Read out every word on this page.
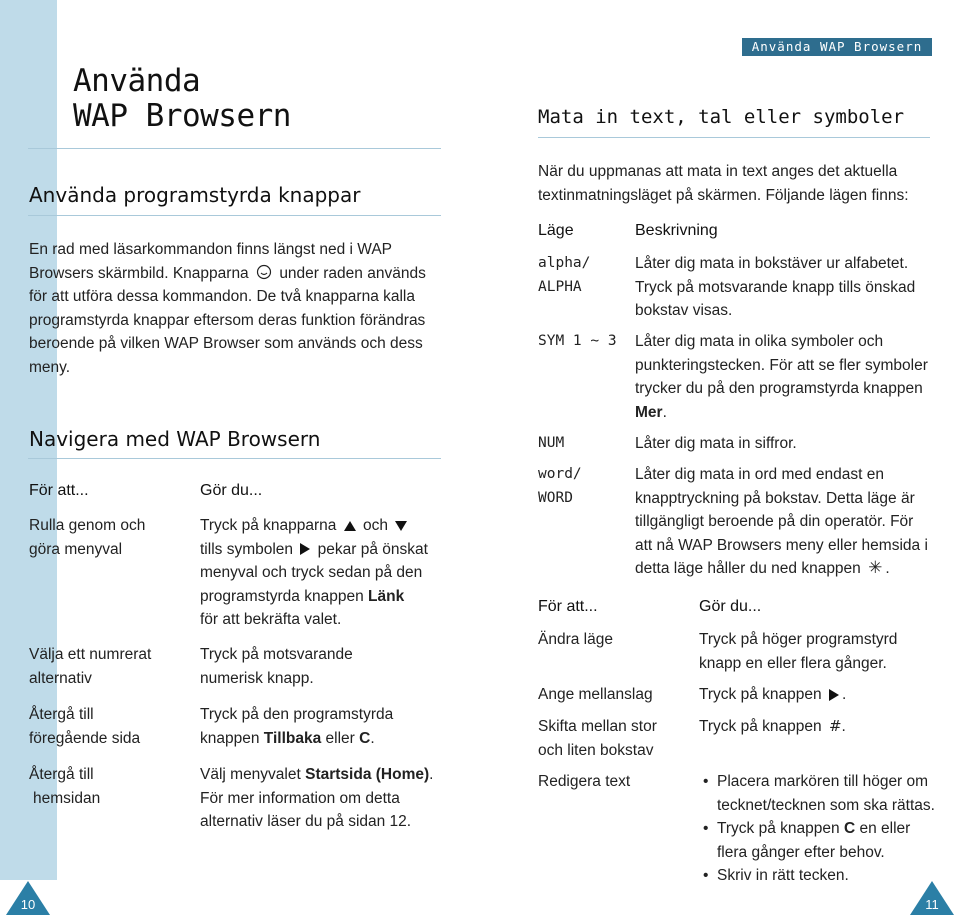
Använda WAP Browsern
Använda
WAP Browsern
Använda programstyrda knappar
En rad med läsarkommandon finns längst ned i WAP
Browsers skärmbild. Knapparna under raden används
för att utföra dessa kommandon. De två knapparna kalla
programstyrda knappar eftersom deras funktion förändras
beroende på vilken WAP Browser som används och dess
meny.
Navigera med WAP Browsern
För att...	Gör du...
Rulla genom och
göra menyval
Tryck på knapparna och
tills symbolen pekar på önskat
menyval och tryck sedan på den
programstyrda knappen Länk
för att bekräfta valet.
Välja ett numrerat
alternativ
Tryck på motsvarande
numerisk knapp.
Återgå till
föregående sida
Tryck på den programstyrda
knappen Tillbaka eller C.
Återgå till
hemsidan
Välj menyvalet Startsida (Home).
För mer information om detta
alternativ läser du på sidan 12.
10
Mata in text, tal eller symboler
När du uppmanas att mata in text anges det aktuella
textinmatningsläget på skärmen. Följande lägen finns:
Läge	Beskrivning
alpha/
ALPHA
Låter dig mata in bokstäver ur alfabetet.
Tryck på motsvarande knapp tills önskad
bokstav visas.
SYM 1 ~ 3 Låter dig mata in olika symboler och
punkteringstecken. För att se fler symboler
trycker du på den programstyrda knappen
Mer.
NUM	Låter dig mata in siffror.
word/
WORD
Låter dig mata in ord med endast en
knapptryckning på bokstav. Detta läge är
tillgängligt beroende på din operatör. För
att nå WAP Browsers meny eller hemsida i
detta läge håller du ned knappen ✳ .
För att...	Gör du...
Ändra läge	Tryck på höger programstyrd
knapp en eller flera gånger.
Ange mellanslag	Tryck på knappen .
Skifta mellan stor
och liten bokstav
Tryck på knappen #.
Redigera text
•	Placera markören till höger om
tecknet/tecknen som ska rättas.
• Tryck på knappen C en eller
flera gånger efter behov.
• Skriv in rätt tecken.
11
